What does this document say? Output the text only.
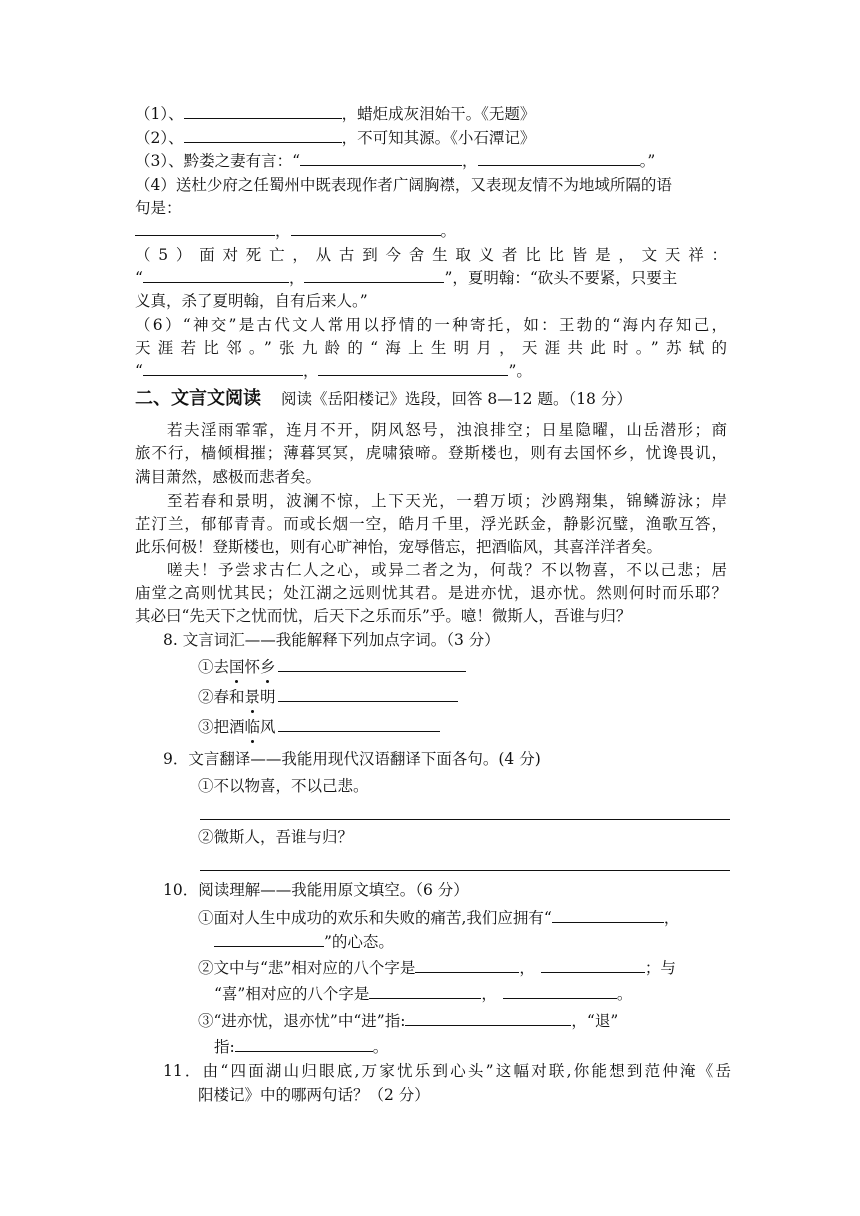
（1）、	，蜡炬成灰泪始干。《无题》
（2）、	，不可知其源。《小石潭记》
（3）、黔娄之妻有言：“	，	。”
（4）送杜少府之任蜀州中既表现作者广阔胸襟，又表现友情不为地域所隔的语
句是：
，	。
（5）面对死亡，从古到今舍生取义者比比皆是，文天祥：
“	，	”，夏明翰：“砍头不要紧，只要主
义真，杀了夏明翰，自有后来人。”
（6）“神交”是古代文人常用以抒情的一种寄托，如：王勃的“海内存知己，
天涯若比邻。”张九龄的“海上生明月，天涯共此时。”苏轼的
“	，	”。
二、文言文阅读 阅读《岳阳楼记》选段，回答 8—12 题。（18 分）
若夫淫雨霏霏，连月不开，阴风怒号，浊浪排空；日星隐曜，山岳潜形；商
旅不行，樯倾楫摧；薄暮冥冥，虎啸猿啼。登斯楼也，则有去国怀乡，忧谗畏讥，
满目萧然，感极而悲者矣。
至若春和景明，波澜不惊，上下天光，一碧万顷；沙鸥翔集，锦鳞游泳；岸
芷汀兰，郁郁青青。而或长烟一空，皓月千里，浮光跃金，静影沉璧，渔歌互答，
此乐何极！登斯楼也，则有心旷神怡，宠辱偕忘，把酒临风，其喜洋洋者矣。
嗟夫！予尝求古仁人之心，或异二者之为，何哉？不以物喜，不以己悲；居
庙堂之高则忧其民；处江湖之远则忧其君。是进亦忧，退亦忧。然则何时而乐耶？
其必曰“先天下之忧而忧，后天下之乐而乐”乎。噫！微斯人，吾谁与归？
8. 文言词汇——我能解释下列加点字词。（3 分）
①去国怀乡
②春和景明
③把酒临风
9．文言翻译——我能用现代汉语翻译下面各句。(4 分)
①不以物喜，不以己悲。
②微斯人，吾谁与归？
10．阅读理解——我能用原文填空。（6 分）
①面对人生中成功的欢乐和失败的痛苦,我们应拥有“	，
”的心态。
②文中与“悲”相对应的八个字是	，	；与
“喜”相对应的八个字是	，	。
③“进亦忧，退亦忧”中“进”指:	，“退”
指:	。
11．由“四面湖山归眼底,万家忧乐到心头”这幅对联,你能想到范仲淹《岳
阳楼记》中的哪两句话？（2 分）
